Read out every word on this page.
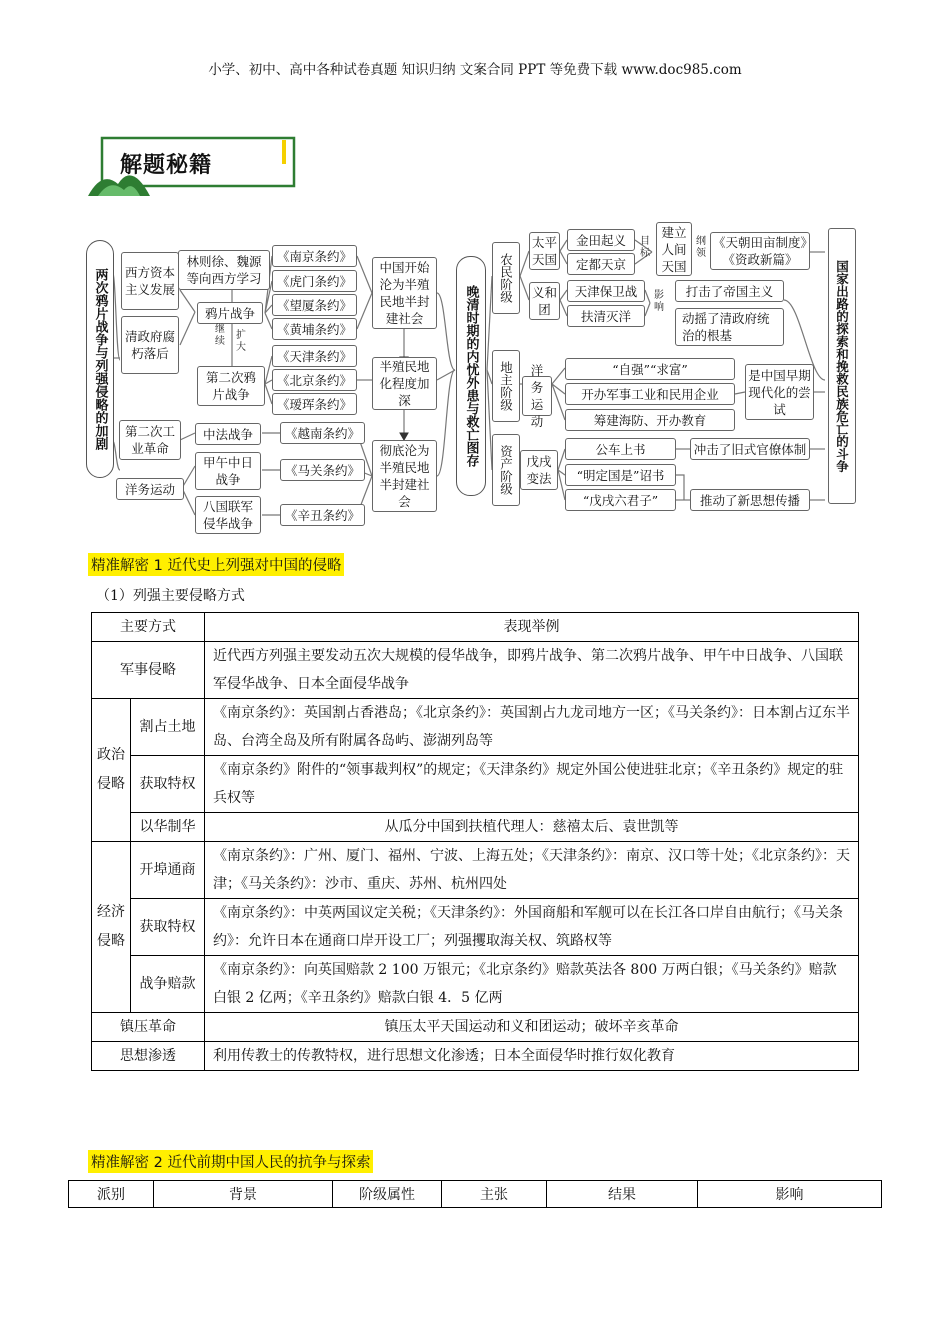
小学、初中、高中各种试卷真题 知识归纳 文案合同 PPT 等免费下载 www.doc985.com
解题秘籍
两次鸦片战争与列强侵略的加剧	西方资本主义发展
清政府腐朽落后
第二次工业革命
洋务运动
林则徐、魏源等向西方学习
鸦片战争
继续
扩大
第二次鸦片战争
中法战争
甲午中日战争
八国联军侵华战争
《南京条约》
《虎门条约》
《望厦条约》
《黄埔条约》
《天津条约》
《北京条约》
《瑷珲条约》
《越南条约》
《马关条约》
《辛丑条约》
中国开始沦为半殖民地半封建社会
半殖民地化程度加深
彻底沦为半殖民地半封建社会
晚清时期的内忧外患与救亡图存
农民阶级
地主阶级
资产阶级
太平天国
金田起义
定都天京
目标
建立人间天国
纲领
《天朝田亩制度》
《资政新篇》
义和团
天津保卫战
扶清灭洋
影响
打击了帝国主义
动摇了清政府统治的根基
洋务运动
“自强”“求富”
开办军事工业和民用企业
筹建海防、开办教育
是中国早期现代化的尝试
戊戌变法
公车上书
“明定国是”诏书
“戊戌六君子”
冲击了旧式官僚体制
推动了新思想传播
国家出路的探索和挽救民族危亡的斗争
精准解密 1 近代史上列强对中国的侵略
（1）列强主要侵略方式
主要方式		表现举例
军事侵略		近代西方列强主要发动五次大规模的侵华战争，即鸦片战争、第二次鸦片战争、甲午中日战争、八国联军侵华战争、日本全面侵华战争
政治侵略	割占土地	《南京条约》：英国割占香港岛；《北京条约》：英国割占九龙司地方一区；《马关条约》：日本割占辽东半岛、台湾全岛及所有附属各岛屿、澎湖列岛等
	获取特权	《南京条约》附件的“领事裁判权”的规定；《天津条约》规定外国公使进驻北京；《辛丑条约》规定的驻兵权等
	以华制华	从瓜分中国到扶植代理人：慈禧太后、袁世凯等
经济侵略	开埠通商	《南京条约》：广州、厦门、福州、宁波、上海五处；《天津条约》：南京、汉口等十处；《北京条约》：天津；《马关条约》：沙市、重庆、苏州、杭州四处
	获取特权	《南京条约》：中英两国议定关税；《天津条约》：外国商船和军舰可以在长江各口岸自由航行；《马关条约》：允许日本在通商口岸开设工厂；列强攫取海关权、筑路权等
	战争赔款	《南京条约》：向英国赔款 2 100 万银元；《北京条约》赔款英法各 800 万两白银；《马关条约》赔款白银 2 亿两；《辛丑条约》赔款白银 4．5 亿两
镇压革命		镇压太平天国运动和义和团运动；破坏辛亥革命
思想渗透		利用传教士的传教特权，进行思想文化渗透；日本全面侵华时推行奴化教育
精准解密 2 近代前期中国人民的抗争与探索
派别	背景	阶级属性	主张	结果	影响
